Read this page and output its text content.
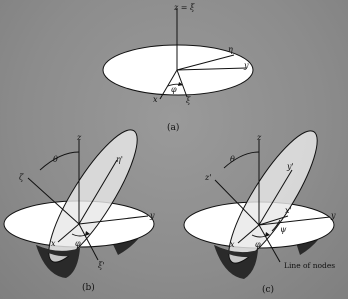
z = ξ
η
y
x	ξ
φ
(a)
z
ζ
θ	η'
y
x
ξ'
φ
(b)
z
z'
θ
y'
x'
y
x	φ
ψ
Line of nodes
(c)
